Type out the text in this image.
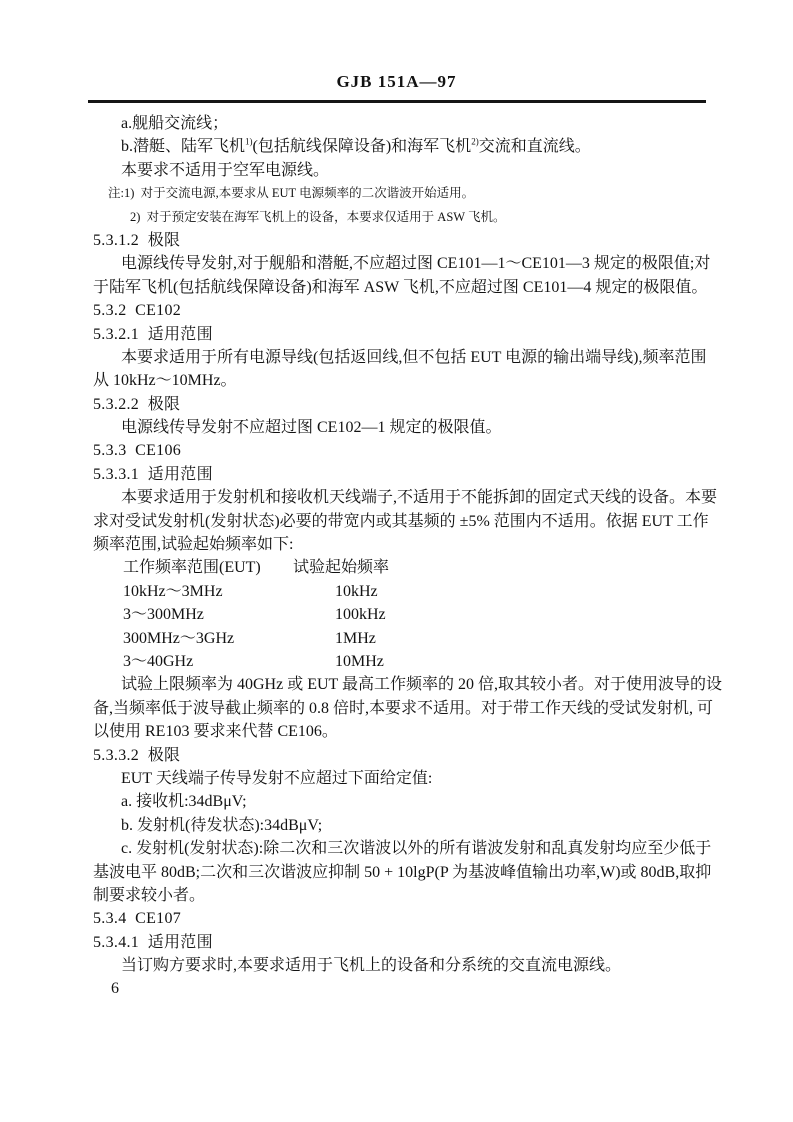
GJB 151A—97
a.舰船交流线；
b.潜艇、陆军飞机$^{1)}$(包括航线保障设备)和海军飞机$^{2)}$交流和直流线。
本要求不适用于空军电源线。
注:1)  对于交流电源,本要求从 EUT 电源频率的二次谐波开始适用。
2)  对于预定安装在海军飞机上的设备，本要求仅适用于 ASW 飞机。
5.3.1.2  极限
电源线传导发射,对于舰船和潜艇,不应超过图 CE101—1～CE101—3 规定的极限值;对
于陆军飞机(包括航线保障设备)和海军 ASW 飞机,不应超过图 CE101—4 规定的极限值。
5.3.2  CE102
5.3.2.1  适用范围
本要求适用于所有电源导线(包括返回线,但不包括 EUT 电源的输出端导线),频率范围
从 10kHz～10MHz。
5.3.2.2  极限
电源线传导发射不应超过图 CE102—1 规定的极限值。
5.3.3  CE106
5.3.3.1  适用范围
本要求适用于发射机和接收机天线端子,不适用于不能拆卸的固定式天线的设备。本要
求对受试发射机(发射状态)必要的带宽内或其基频的 ±5% 范围内不适用。依据 EUT 工作
频率范围,试验起始频率如下:
工作频率范围(EUT) 试验起始频率
10kHz～3MHz	10kHz
3～300MHz	100kHz
300MHz～3GHz	1MHz
3～40GHz	10MHz
试验上限频率为 40GHz 或 EUT 最高工作频率的 20 倍,取其较小者。对于使用波导的设
备,当频率低于波导截止频率的 0.8 倍时,本要求不适用。对于带工作天线的受试发射机, 可
以使用 RE103 要求来代替 CE106。
5.3.3.2  极限
EUT 天线端子传导发射不应超过下面给定值:
a. 接收机:34dBμV;
b. 发射机(待发状态):34dBμV;
c. 发射机(发射状态):除二次和三次谐波以外的所有谐波发射和乱真发射均应至少低于
基波电平 80dB;二次和三次谐波应抑制 50 + 10lgP(P 为基波峰值输出功率,W)或 80dB,取抑
制要求较小者。
5.3.4  CE107
5.3.4.1  适用范围
当订购方要求时,本要求适用于飞机上的设备和分系统的交直流电源线。
6
